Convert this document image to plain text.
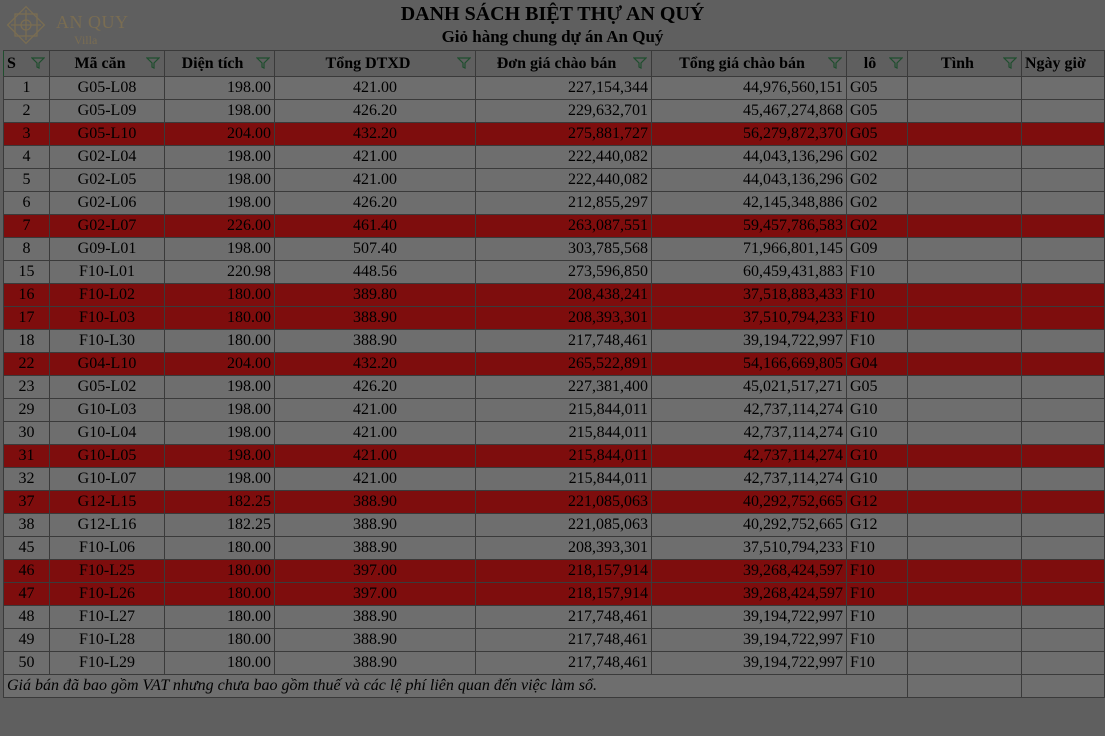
AN QUY
Villa
DANH SÁCH BIỆT THỰ AN QUÝ
Giỏ hàng chung dự án An Quý
S	Mã căn	Diện tích	Tổng DTXD	Đơn giá chào bán	Tổng giá chào bán	lô	Tình	Ngày giờ
1	G05-L08	198.00	421.00	227,154,344	44,976,560,151	G05		
2	G05-L09	198.00	426.20	229,632,701	45,467,274,868	G05		
3	G05-L10	204.00	432.20	275,881,727	56,279,872,370	G05		
4	G02-L04	198.00	421.00	222,440,082	44,043,136,296	G02		
5	G02-L05	198.00	421.00	222,440,082	44,043,136,296	G02		
6	G02-L06	198.00	426.20	212,855,297	42,145,348,886	G02		
7	G02-L07	226.00	461.40	263,087,551	59,457,786,583	G02		
8	G09-L01	198.00	507.40	303,785,568	71,966,801,145	G09		
15	F10-L01	220.98	448.56	273,596,850	60,459,431,883	F10		
16	F10-L02	180.00	389.80	208,438,241	37,518,883,433	F10		
17	F10-L03	180.00	388.90	208,393,301	37,510,794,233	F10		
18	F10-L30	180.00	388.90	217,748,461	39,194,722,997	F10		
22	G04-L10	204.00	432.20	265,522,891	54,166,669,805	G04		
23	G05-L02	198.00	426.20	227,381,400	45,021,517,271	G05		
29	G10-L03	198.00	421.00	215,844,011	42,737,114,274	G10		
30	G10-L04	198.00	421.00	215,844,011	42,737,114,274	G10		
31	G10-L05	198.00	421.00	215,844,011	42,737,114,274	G10		
32	G10-L07	198.00	421.00	215,844,011	42,737,114,274	G10		
37	G12-L15	182.25	388.90	221,085,063	40,292,752,665	G12		
38	G12-L16	182.25	388.90	221,085,063	40,292,752,665	G12		
45	F10-L06	180.00	388.90	208,393,301	37,510,794,233	F10		
46	F10-L25	180.00	397.00	218,157,914	39,268,424,597	F10		
47	F10-L26	180.00	397.00	218,157,914	39,268,424,597	F10		
48	F10-L27	180.00	388.90	217,748,461	39,194,722,997	F10		
49	F10-L28	180.00	388.90	217,748,461	39,194,722,997	F10		
50	F10-L29	180.00	388.90	217,748,461	39,194,722,997	F10		
Giá bán đã bao gồm VAT nhưng chưa bao gồm thuế và các lệ phí liên quan đến việc làm sổ.								
